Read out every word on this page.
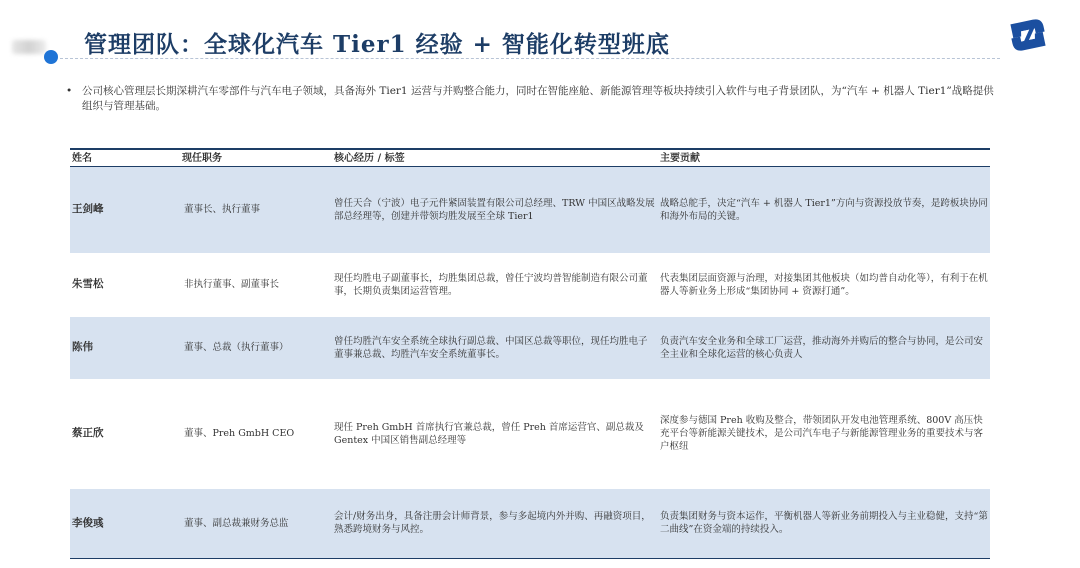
管理团队：全球化汽车 Tier1 经验 + 智能化转型班底
• 公司核心管理层长期深耕汽车零部件与汽车电子领域，具备海外 Tier1 运营与并购整合能力，同时在智能座舱、新能源管理等板块持续引入软件与电子背景团队，为“汽车 + 机器人 Tier1”战略提供组织与管理基础。
姓名	现任职务	核心经历 / 标签	主要贡献
王剑峰	董事长、执行董事	曾任天合（宁波）电子元件紧固装置有限公司总经理、TRW 中国区战略发展部总经理等，创建并带领均胜发展至全球 Tier1	战略总舵手，决定“汽车 + 机器人 Tier1”方向与资源投放节奏，是跨板块协同和海外布局的关键。
朱雪松	非执行董事、副董事长	现任均胜电子副董事长，均胜集团总裁，曾任宁波均普智能制造有限公司董事，长期负责集团运营管理。	代表集团层面资源与治理，对接集团其他板块（如均普自动化等），有利于在机器人等新业务上形成“集团协同 + 资源打通”。
陈伟	董事、总裁（执行董事）	曾任均胜汽车安全系统全球执行副总裁、中国区总裁等职位，现任均胜电子董事兼总裁、均胜汽车安全系统董事长。	负责汽车安全业务和全球工厂运营，推动海外并购后的整合与协同，是公司安全主业和全球化运营的核心负责人
蔡正欣	董事、Preh GmbH CEO	现任 Preh GmbH 首席执行官兼总裁，曾任 Preh 首席运营官、副总裁及 Gentex 中国区销售副总经理等	深度参与德国 Preh 收购及整合，带领团队开发电池管理系统、800V 高压快充平台等新能源关键技术，是公司汽车电子与新能源管理业务的重要技术与客户枢纽
李俊彧	董事、副总裁兼财务总监	会计/财务出身，具备注册会计师背景，参与多起境内外并购、再融资项目，熟悉跨境财务与风控。	负责集团财务与资本运作，平衡机器人等新业务前期投入与主业稳健，支持“第二曲线”在资金端的持续投入。
